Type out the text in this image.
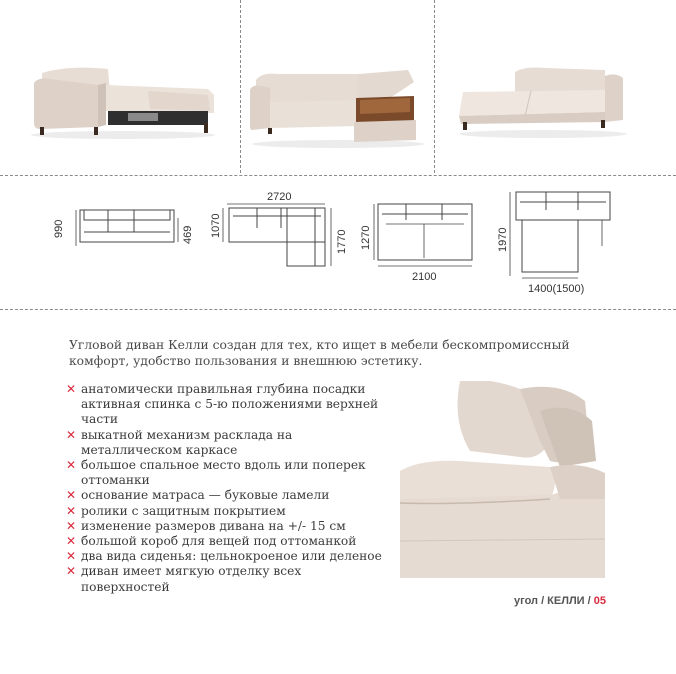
990	469
2720
1070
1770 1270
2100
1970
1400(1500)
Угловой диван Келли создан для тех, кто ищет в мебели бескомпромиссный комфорт, удобство пользования и внешнюю эстетику.
✕ анатомически правильная глубина посадки активная спинка с 5-ю положениями верхней части
✕ выкатной механизм расклада на металлическом каркасе
✕ большое спальное место вдоль или поперек оттоманки
✕ основание матраса — буковые ламели
✕ ролики с защитным покрытием
✕ изменение размеров дивана на +/- 15 см
✕ большой короб для вещей под оттоманкой
✕ два вида сиденья: цельнокроеное или деленое
✕ диван имеет мягкую отделку всех поверхностей
угол / КЕЛЛИ / 05
